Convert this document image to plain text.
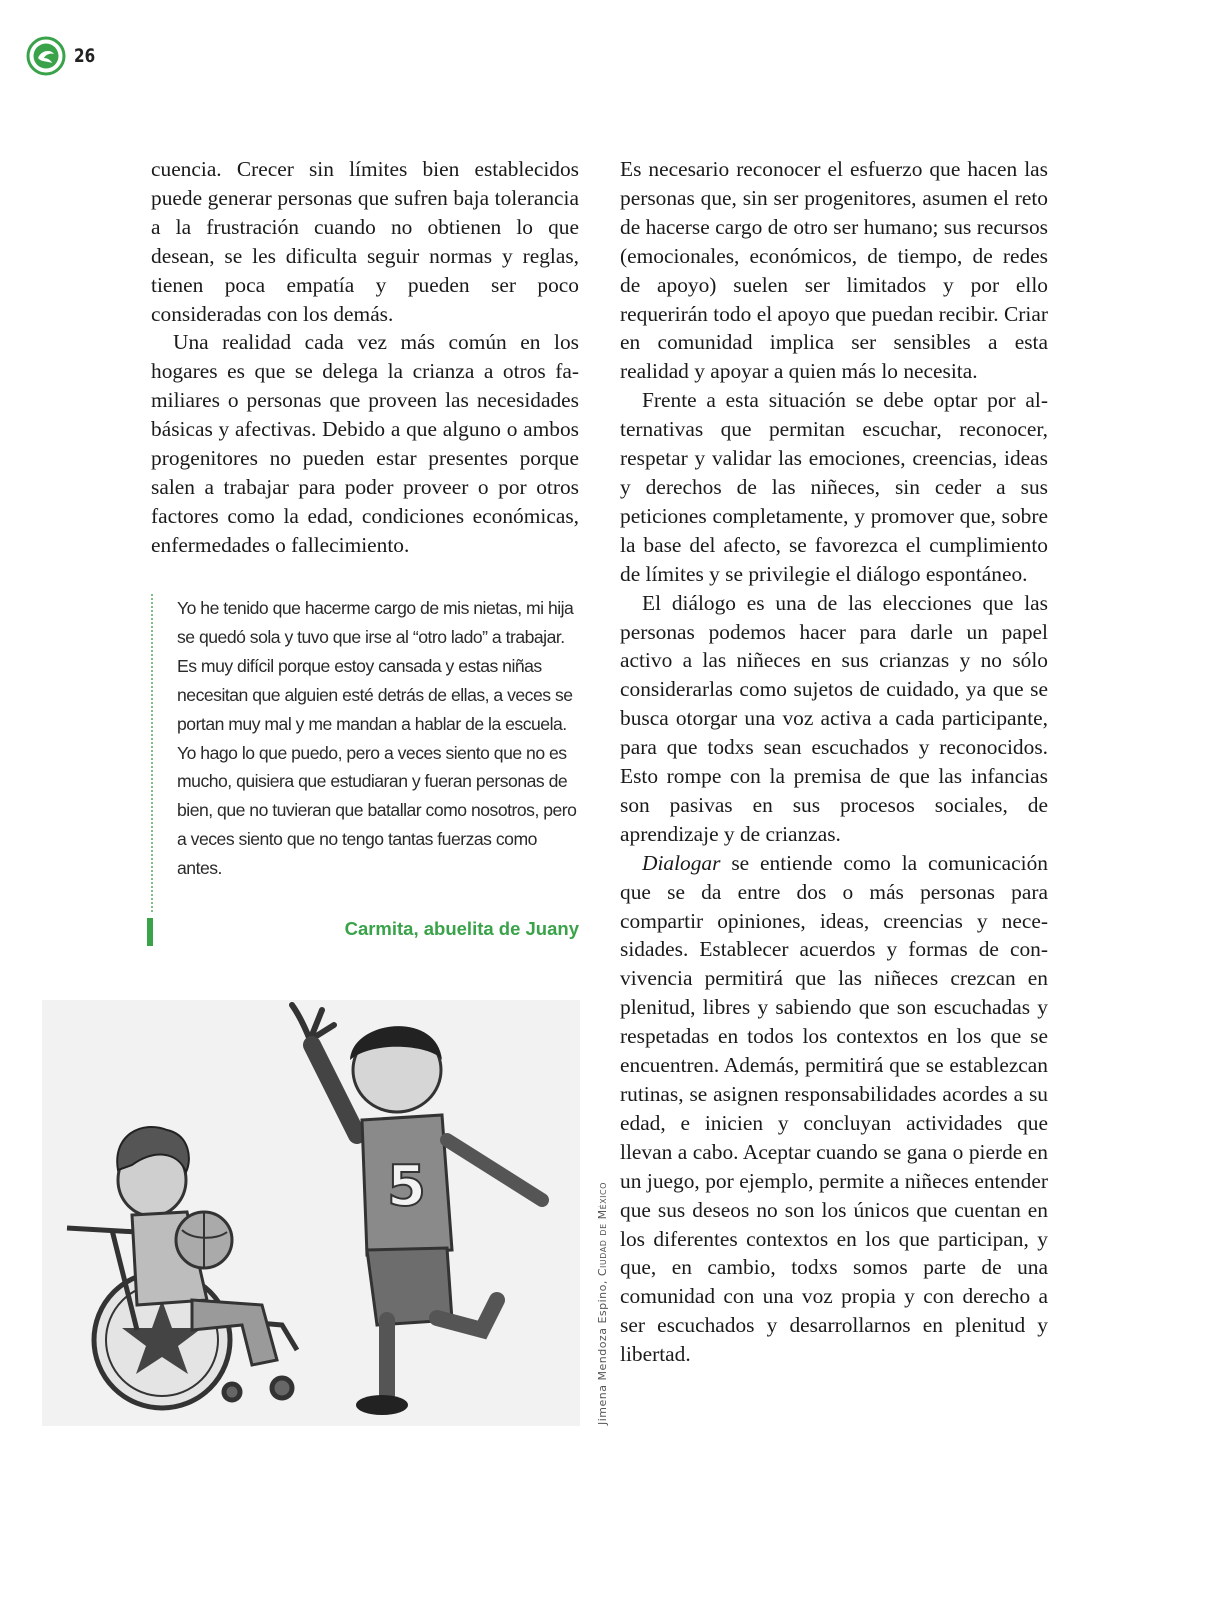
26

cuencia. Crecer sin límites bien establecidos puede generar personas que sufren baja tolerancia a la frustración cuando no obtienen lo que desean, se les dificulta seguir normas y reglas, tienen poca empatía y pueden ser poco consideradas con los demás.

Una realidad cada vez más común en los hogares es que se delega la crianza a otros familiares o personas que proveen las necesidades básicas y afectivas. Debido a que alguno o ambos progenitores no pueden estar presentes porque salen a trabajar para poder proveer o por otros factores como la edad, condiciones económicas, enfermedades o fallecimiento.

Yo he tenido que hacerme cargo de mis nietas, mi hija se quedó sola y tuvo que irse al “otro lado” a trabajar. Es muy difícil porque estoy cansada y estas niñas necesitan que alguien esté detrás de ellas, a veces se portan muy mal y me mandan a hablar de la escuela. Yo hago lo que puedo, pero a veces siento que no es mucho, quisiera que estudiaran y fueran personas de bien, que no tuvieran que batallar como nosotros, pero a veces siento que no tengo tantas fuerzas como antes.
Carmita, abuelita de Juany
5
Jimena Mendoza Espino, Ciudad de México

Es necesario reconocer el esfuerzo que hacen las personas que, sin ser progenitores, asumen el reto de hacerse cargo de otro ser humano; sus recursos (emocionales, económicos, de tiempo, de redes de apoyo) suelen ser limitados y por ello requerirán todo el apoyo que puedan recibir. Criar en comunidad implica ser sensibles a esta realidad y apoyar a quien más lo necesita.

Frente a esta situación se debe optar por alternativas que permitan escuchar, reconocer, respetar y validar las emociones, creencias, ideas y derechos de las niñeces, sin ceder a sus peticiones completamente, y promover que, sobre la base del afecto, se favorezca el cumplimiento de límites y se privilegie el diálogo espontáneo.

El diálogo es una de las elecciones que las personas podemos hacer para darle un papel activo a las niñeces en sus crianzas y no sólo considerarlas como sujetos de cuidado, ya que se busca otorgar una voz activa a cada participante, para que todxs sean escuchados y reconocidos. Esto rompe con la premisa de que las infancias son pasivas en sus procesos sociales, de aprendizaje y de crianzas.

Dialogar se entiende como la comunicación que se da entre dos o más personas para compartir opiniones, ideas, creencias y necesidades. Establecer acuerdos y formas de convivencia permitirá que las niñeces crezcan en plenitud, libres y sabiendo que son escuchadas y respetadas en todos los contextos en los que se encuentren. Además, permitirá que se establezcan rutinas, se asignen responsabilidades acordes a su edad, e inicien y concluyan actividades que llevan a cabo. Aceptar cuando se gana o pierde en un juego, por ejemplo, permite a niñeces entender que sus deseos no son los únicos que cuentan en los diferentes contextos en los que participan, y que, en cambio, todxs somos parte de una comunidad con una voz propia y con derecho a ser escuchados y desarrollarnos en plenitud y libertad.
